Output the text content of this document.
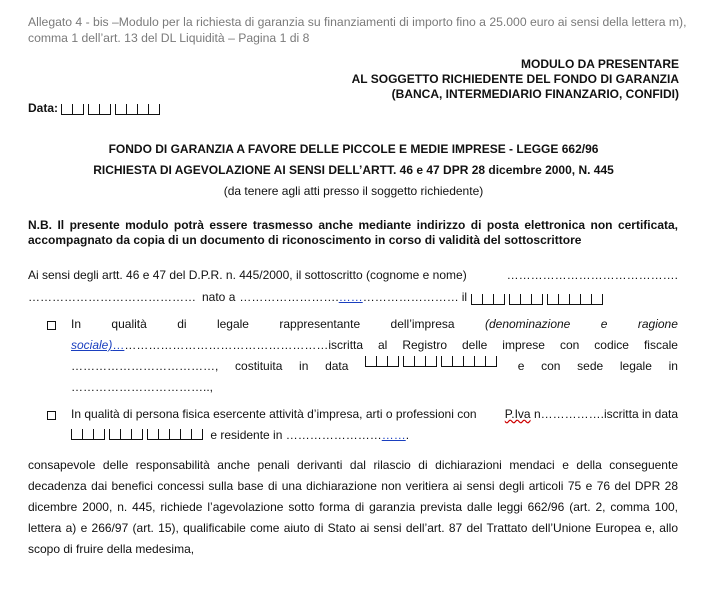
Allegato 4 - bis –Modulo per la richiesta di garanzia su finanziamenti di importo fino a 25.000 euro ai sensi della lettera m),
comma 1 dell’art. 13 del DL Liquidità – Pagina 1 di 8
MODULO DA PRESENTARE
AL SOGGETTO RICHIEDENTE DEL FONDO DI GARANZIA
(BANCA, INTERMEDIARIO FINANZARIO, CONFIDI)
Data:
FONDO DI GARANZIA A FAVORE DELLE PICCOLE E MEDIE IMPRESE - LEGGE 662/96
RICHIESTA DI AGEVOLAZIONE AI SENSI DELL’ARTT. 46 e 47 DPR 28 dicembre 2000, N. 445
(da tenere agli atti presso il soggetto richiedente)
N.B. Il presente modulo potrà essere trasmesso anche mediante indirizzo di posta elettronica non certificata, accompagnato da copia di un documento di riconoscimento in corso di validità del sottoscrittore
Ai sensi degli artt. 46 e 47 del D.P.R. n. 445/2000, il sottoscritto (cognome e nome)	…………………………………….
…………………………………… nato a …………………….………………………… il
In	qualità	di	legale	rappresentante	dell’impresa	(denominazione	e	ragione
sociale)………………………………………………iscritta al Registro delle imprese con codice fiscale
………………………………, costituita in data	e con sede legale in
……………………………..,
In qualità di persona fisica esercente attività d’impresa, arti o professioni con P.Iva n…………….iscritta in data
e residente in ………………………….
consapevole delle responsabilità anche penali derivanti dal rilascio di dichiarazioni mendaci e della conseguente decadenza dai benefici concessi sulla base di una dichiarazione non veritiera ai sensi degli articoli 75 e 76 del DPR 28 dicembre 2000, n. 445, richiede l’agevolazione sotto forma di garanzia prevista dalle leggi 662/96 (art. 2, comma 100, lettera a) e 266/97 (art. 15), qualificabile come aiuto di Stato ai sensi dell’art. 87 del Trattato dell’Unione Europea e, allo scopo di fruire della medesima,
